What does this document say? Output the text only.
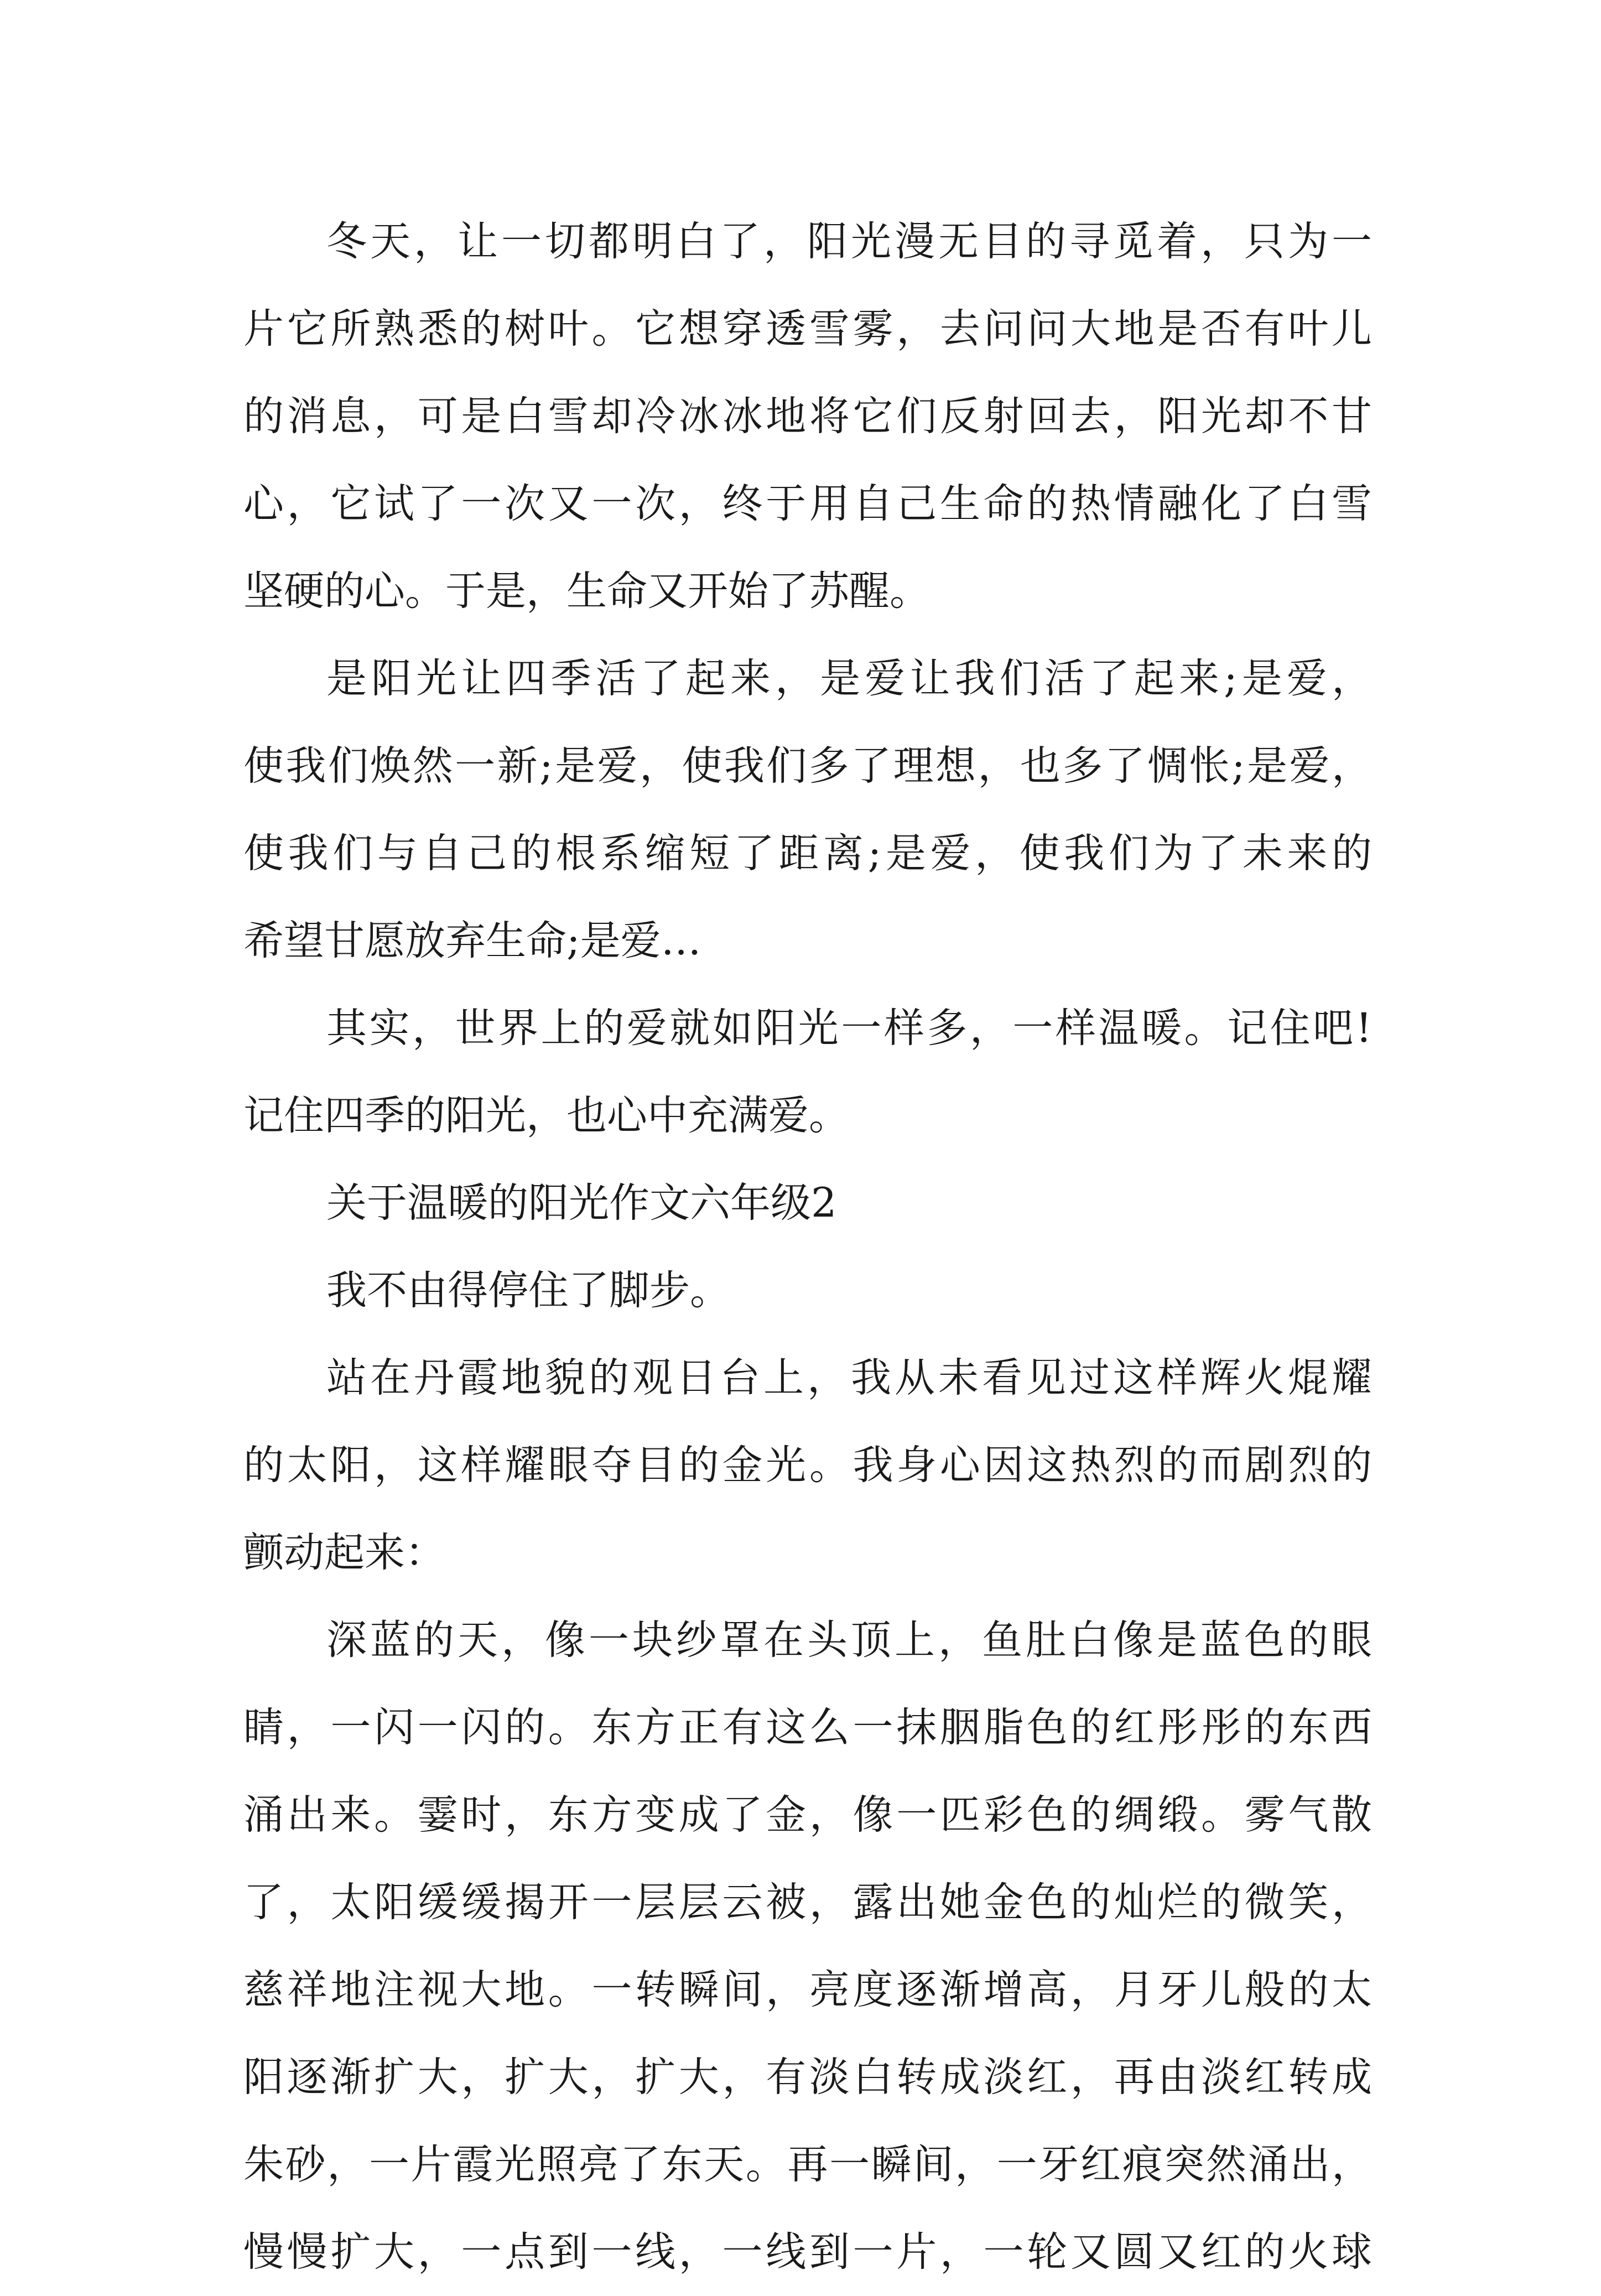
冬天，让一切都明白了，阳光漫无目的寻觅着，只为一
片它所熟悉的树叶。它想穿透雪雾，去问问大地是否有叶儿
的消息，可是白雪却冷冰冰地将它们反射回去，阳光却不甘
心，它试了一次又一次，终于用自己生命的热情融化了白雪
坚硬的心。于是，生命又开始了苏醒。
是阳光让四季活了起来，是爱让我们活了起来;是爱，
使我们焕然一新;是爱，使我们多了理想，也多了惆怅;是爱，
使我们与自己的根系缩短了距离;是爱，使我们为了未来的
希望甘愿放弃生命;是爱…
其实，世界上的爱就如阳光一样多，一样温暖。记住吧!
记住四季的阳光，也心中充满爱。
关于温暖的阳光作文六年级2
我不由得停住了脚步。
站在丹霞地貌的观日台上，我从未看见过这样辉火焜耀
的太阳，这样耀眼夺目的金光。我身心因这热烈的而剧烈的
颤动起来：
深蓝的天，像一块纱罩在头顶上，鱼肚白像是蓝色的眼
睛，一闪一闪的。东方正有这么一抹胭脂色的红彤彤的东西
涌出来。霎时，东方变成了金，像一匹彩色的绸缎。雾气散
了，太阳缓缓揭开一层层云被，露出她金色的灿烂的微笑，
慈祥地注视大地。一转瞬间，亮度逐渐增高，月牙儿般的太
阳逐渐扩大，扩大，扩大，有淡白转成淡红，再由淡红转成
朱砂，一片霞光照亮了东天。再一瞬间，一牙红痕突然涌出，
慢慢扩大，一点到一线，一线到一片，一轮又圆又红的火球
